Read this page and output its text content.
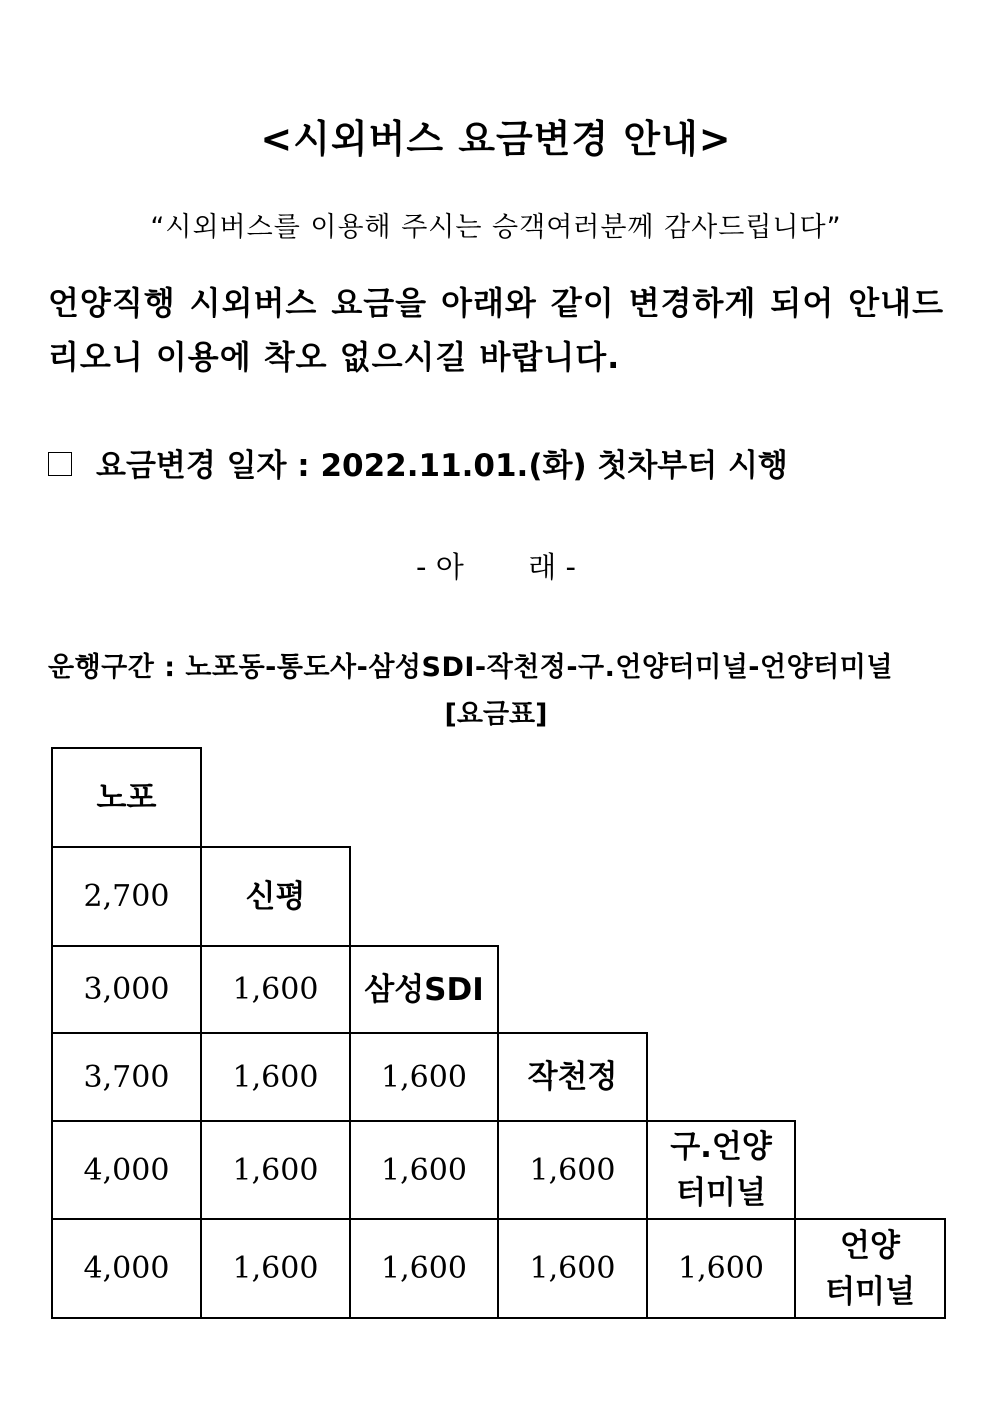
<시외버스 요금변경 안내>
“시외버스를 이용해 주시는 승객여러분께 감사드립니다”
언양직행 시외버스 요금을 아래와 같이 변경하게 되어 안내드리오니 이용에 착오 없으시길 바랍니다.
요금변경 일자 : 2022.11.01.(화) 첫차부터 시행
- 아       래 -
운행구간 : 노포동-통도사-삼성SDI-작천정-구.언양터미널-언양터미널
[요금표]
노포
2,700 신평
3,000 1,600 삼성SDI
3,700 1,600 1,600 작천정
4,000 1,600 1,600 1,600
구.언양
터미널
4,000 1,600 1,600 1,600 1,600
언양
터미널
